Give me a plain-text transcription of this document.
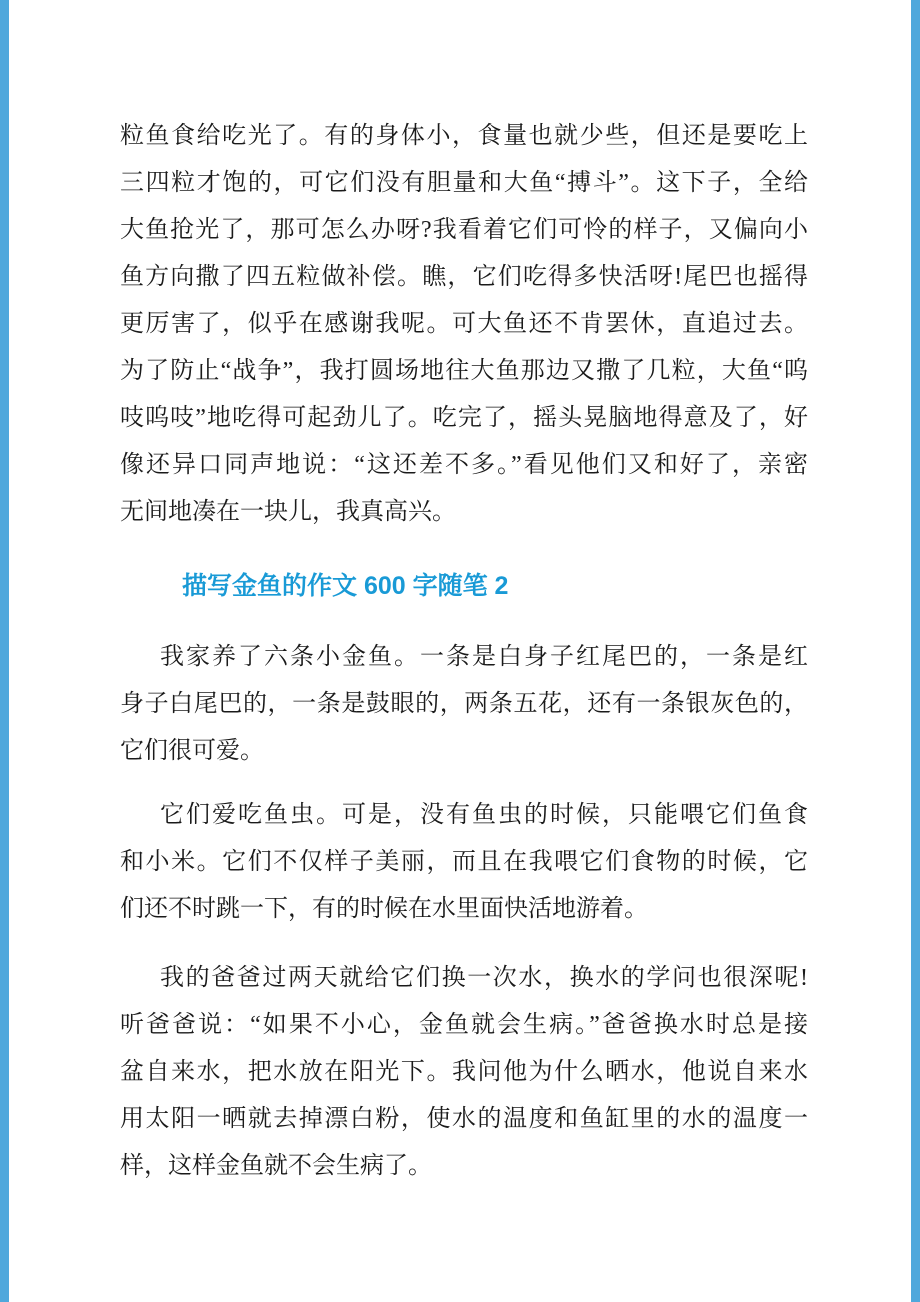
粒鱼食给吃光了。有的身体小，食量也就少些，但还是要吃上
三四粒才饱的，可它们没有胆量和大鱼“搏斗”。这下子，全给
大鱼抢光了，那可怎么办呀?我看着它们可怜的样子，又偏向小
鱼方向撒了四五粒做补偿。瞧，它们吃得多快活呀!尾巴也摇得
更厉害了，似乎在感谢我呢。可大鱼还不肯罢休，直追过去。
为了防止“战争”，我打圆场地往大鱼那边又撒了几粒，大鱼“呜
吱呜吱”地吃得可起劲儿了。吃完了，摇头晃脑地得意及了，好
像还异口同声地说：“这还差不多。”看见他们又和好了，亲密
无间地凑在一块儿，我真高兴。
描写金鱼的作文 600 字随笔 2
我家养了六条小金鱼。一条是白身子红尾巴的，一条是红
身子白尾巴的，一条是鼓眼的，两条五花，还有一条银灰色的，
它们很可爱。
它们爱吃鱼虫。可是，没有鱼虫的时候，只能喂它们鱼食
和小米。它们不仅样子美丽，而且在我喂它们食物的时候，它
们还不时跳一下，有的时候在水里面快活地游着。
我的爸爸过两天就给它们换一次水，换水的学问也很深呢!
听爸爸说：“如果不小心，金鱼就会生病。”爸爸换水时总是接
盆自来水，把水放在阳光下。我问他为什么晒水，他说自来水
用太阳一晒就去掉漂白粉，使水的温度和鱼缸里的水的温度一
样，这样金鱼就不会生病了。
